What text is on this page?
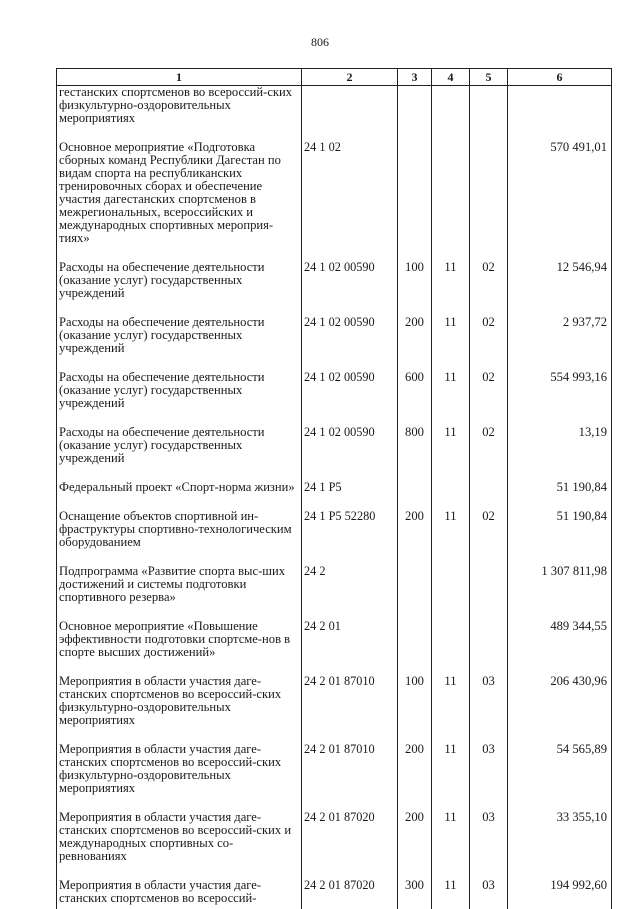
806
1	2	3	4	5	6
гестанских спортсменов во всероссий-ских физкультурно-оздоровительных мероприятиях					
Основное мероприятие «Подготовка сборных команд Республики Дагестан по видам спорта на республиканских тренировочных сборах и обеспечение участия дагестанских спортсменов в межрегиональных, всероссийских и международных спортивных мероприя-тиях»	24 1 02				570 491,01
Расходы на обеспечение деятельности (оказание услуг) государственных учреждений	24 1 02 00590	100	11	02	12 546,94
Расходы на обеспечение деятельности (оказание услуг) государственных учреждений	24 1 02 00590	200	11	02	2 937,72
Расходы на обеспечение деятельности (оказание услуг) государственных учреждений	24 1 02 00590	600	11	02	554 993,16
Расходы на обеспечение деятельности (оказание услуг) государственных учреждений	24 1 02 00590	800	11	02	13,19
Федеральный проект «Спорт-норма жизни»	24 1 P5				51 190,84
Оснащение объектов спортивной ин-фраструктуры спортивно-технологическим оборудованием	24 1 P5 52280	200	11	02	51 190,84
Подпрограмма «Развитие спорта выс-ших достижений и системы подготовки спортивного резерва»	24 2				1 307 811,98
Основное мероприятие «Повышение эффективности подготовки спортсме-нов в спорте высших достижений»	24 2 01				489 344,55
Мероприятия в области участия даге-станских спортсменов во всероссий-ских физкультурно-оздоровительных мероприятиях	24 2 01 87010	100	11	03	206 430,96
Мероприятия в области участия даге-станских спортсменов во всероссий-ских физкультурно-оздоровительных мероприятиях	24 2 01 87010	200	11	03	54 565,89
Мероприятия в области участия даге-станских спортсменов во всероссий-ских и международных спортивных со-ревнованиях	24 2 01 87020	200	11	03	33 355,10
Мероприятия в области участия даге-станских спортсменов во всероссий-	24 2 01 87020	300	11	03	194 992,60
